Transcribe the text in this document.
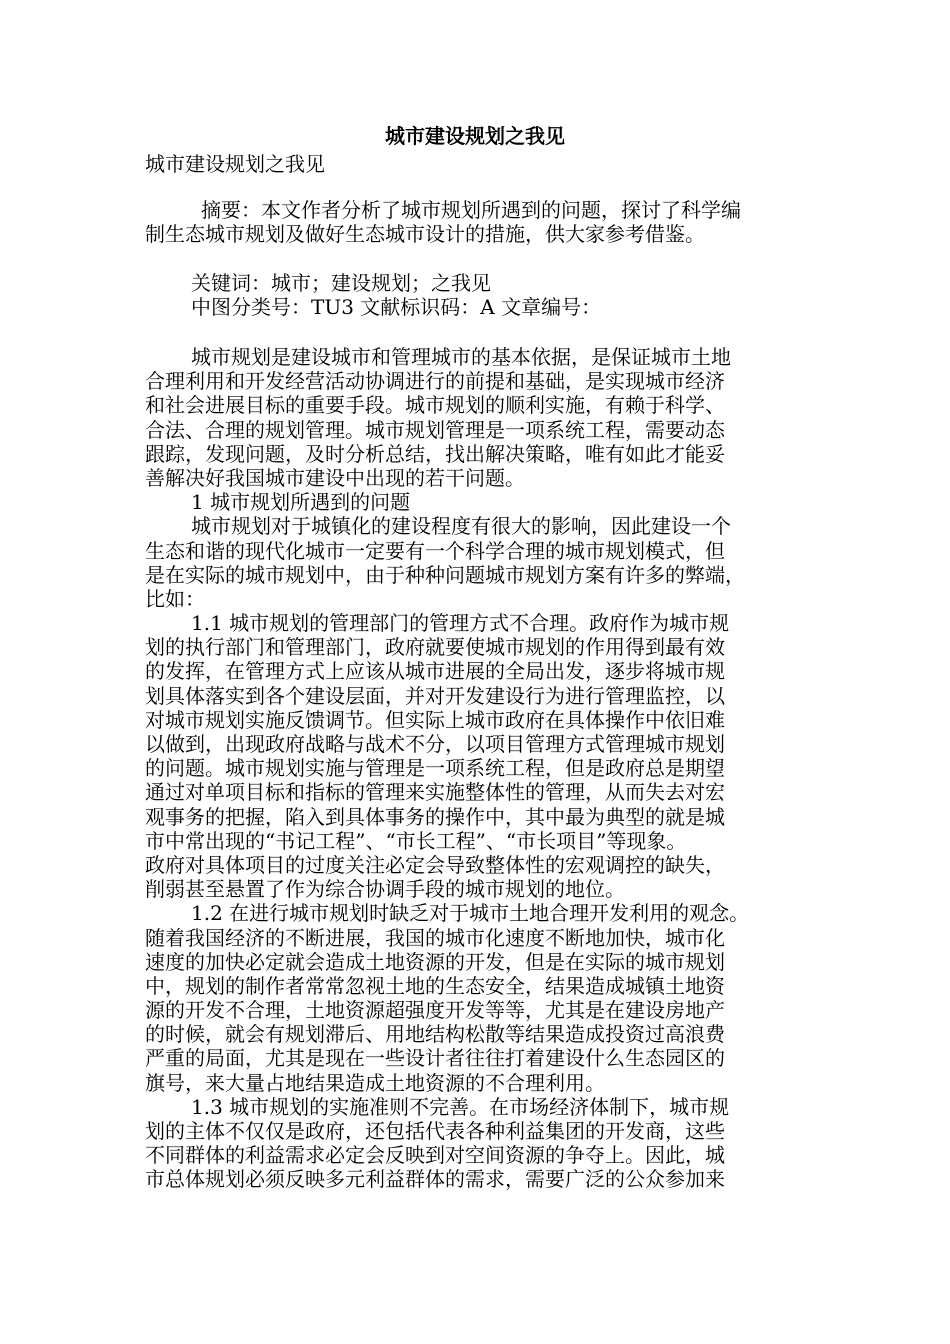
城市建设规划之我见
城市建设规划之我见
摘要：本文作者分析了城市规划所遇到的问题，探讨了科学编
制生态城市规划及做好生态城市设计的措施，供大家参考借鉴。
关键词：城市；建设规划；之我见
中图分类号：TU3 文献标识码：A 文章编号：
城市规划是建设城市和管理城市的基本依据，是保证城市土地
合理利用和开发经营活动协调进行的前提和基础，是实现城市经济
和社会进展目标的重要手段。城市规划的顺利实施，有赖于科学、
合法、合理的规划管理。城市规划管理是一项系统工程，需要动态
跟踪，发现问题，及时分析总结，找出解决策略，唯有如此才能妥
善解决好我国城市建设中出现的若干问题。
1 城市规划所遇到的问题
城市规划对于城镇化的建设程度有很大的影响，因此建设一个
生态和谐的现代化城市一定要有一个科学合理的城市规划模式，但
是在实际的城市规划中，由于种种问题城市规划方案有许多的弊端，
比如：
1.1 城市规划的管理部门的管理方式不合理。政府作为城市规
划的执行部门和管理部门，政府就要使城市规划的作用得到最有效
的发挥，在管理方式上应该从城市进展的全局出发，逐步将城市规
划具体落实到各个建设层面，并对开发建设行为进行管理监控，以
对城市规划实施反馈调节。但实际上城市政府在具体操作中依旧难
以做到，出现政府战略与战术不分，以项目管理方式管理城市规划
的问题。城市规划实施与管理是一项系统工程，但是政府总是期望
通过对单项目标和指标的管理来实施整体性的管理，从而失去对宏
观事务的把握，陷入到具体事务的操作中，其中最为典型的就是城
市中常出现的“书记工程”、“市长工程”、“市长项目”等现象。
政府对具体项目的过度关注必定会导致整体性的宏观调控的缺失，
削弱甚至悬置了作为综合协调手段的城市规划的地位。
1.2 在进行城市规划时缺乏对于城市土地合理开发利用的观念。
随着我国经济的不断进展，我国的城市化速度不断地加快，城市化
速度的加快必定就会造成土地资源的开发，但是在实际的城市规划
中，规划的制作者常常忽视土地的生态安全，结果造成城镇土地资
源的开发不合理，土地资源超强度开发等等，尤其是在建设房地产
的时候，就会有规划滞后、用地结构松散等结果造成投资过高浪费
严重的局面，尤其是现在一些设计者往往打着建设什么生态园区的
旗号，来大量占地结果造成土地资源的不合理利用。
1.3 城市规划的实施准则不完善。在市场经济体制下，城市规
划的主体不仅仅是政府，还包括代表各种利益集团的开发商，这些
不同群体的利益需求必定会反映到对空间资源的争夺上。因此，城
市总体规划必须反映多元利益群体的需求，需要广泛的公众参加来
